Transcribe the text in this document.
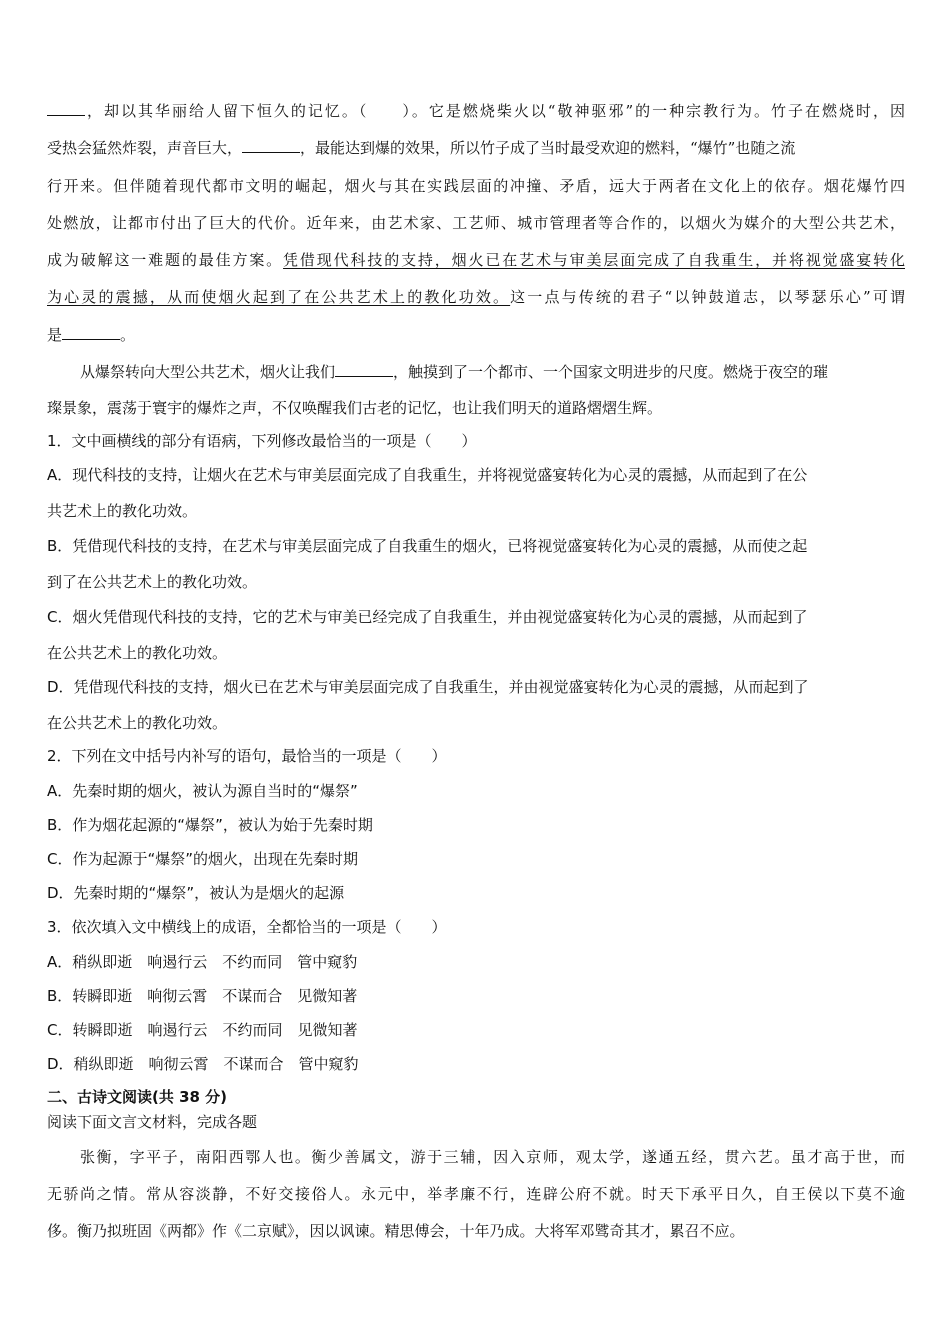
，却以其华丽给人留下恒久的记忆。（　　）。它是燃烧柴火以“敬神驱邪”的一种宗教行为。竹子在燃烧时，因
受热会猛然炸裂，声音巨大，	，最能达到爆的效果，所以竹子成了当时最受欢迎的燃料，“爆竹”也随之流
行开来。但伴随着现代都市文明的崛起，烟火与其在实践层面的冲撞、矛盾，远大于两者在文化上的依存。烟花爆竹四
处燃放，让都市付出了巨大的代价。近年来，由艺术家、工艺师、城市管理者等合作的，以烟火为媒介的大型公共艺术，
成为破解这一难题的最佳方案。凭借现代科技的支持，烟火已在艺术与审美层面完成了自我重生，并将视觉盛宴转化
为心灵的震撼，从而使烟火起到了在公共艺术上的教化功效。这一点与传统的君子“以钟鼓道志，以琴瑟乐心”可谓
是	。
从爆祭转向大型公共艺术，烟火让我们	，触摸到了一个都市、一个国家文明进步的尺度。燃烧于夜空的璀
璨景象，震荡于寰宇的爆炸之声，不仅唤醒我们古老的记忆，也让我们明天的道路熠熠生辉。
1．文中画横线的部分有语病，下列修改最恰当的一项是（　　）
A．现代科技的支持，让烟火在艺术与审美层面完成了自我重生，并将视觉盛宴转化为心灵的震撼，从而起到了在公
共艺术上的教化功效。
B．凭借现代科技的支持，在艺术与审美层面完成了自我重生的烟火，已将视觉盛宴转化为心灵的震撼，从而使之起
到了在公共艺术上的教化功效。
C．烟火凭借现代科技的支持，它的艺术与审美已经完成了自我重生，并由视觉盛宴转化为心灵的震撼，从而起到了
在公共艺术上的教化功效。
D．凭借现代科技的支持，烟火已在艺术与审美层面完成了自我重生，并由视觉盛宴转化为心灵的震撼，从而起到了
在公共艺术上的教化功效。
2．下列在文中括号内补写的语句，最恰当的一项是（　　）
A．先秦时期的烟火，被认为源自当时的“爆祭”
B．作为烟花起源的“爆祭”，被认为始于先秦时期
C．作为起源于“爆祭”的烟火，出现在先秦时期
D．先秦时期的“爆祭”，被认为是烟火的起源
3．依次填入文中横线上的成语，全都恰当的一项是（　　）
A．稍纵即逝　响遏行云　不约而同　管中窥豹
B．转瞬即逝　响彻云霄　不谋而合　见微知著
C．转瞬即逝　响遏行云　不约而同　见微知著
D．稍纵即逝　响彻云霄　不谋而合　管中窥豹
二、古诗文阅读(共 38 分)
阅读下面文言文材料，完成各题
张衡，字平子，南阳西鄂人也。衡少善属文，游于三辅，因入京师，观太学，遂通五经，贯六艺。虽才高于世，而
无骄尚之情。常从容淡静，不好交接俗人。永元中，举孝廉不行，连辟公府不就。时天下承平日久，自王侯以下莫不逾
侈。衡乃拟班固《两都》作《二京赋》，因以讽谏。精思傅会，十年乃成。大将军邓骘奇其才，累召不应。
